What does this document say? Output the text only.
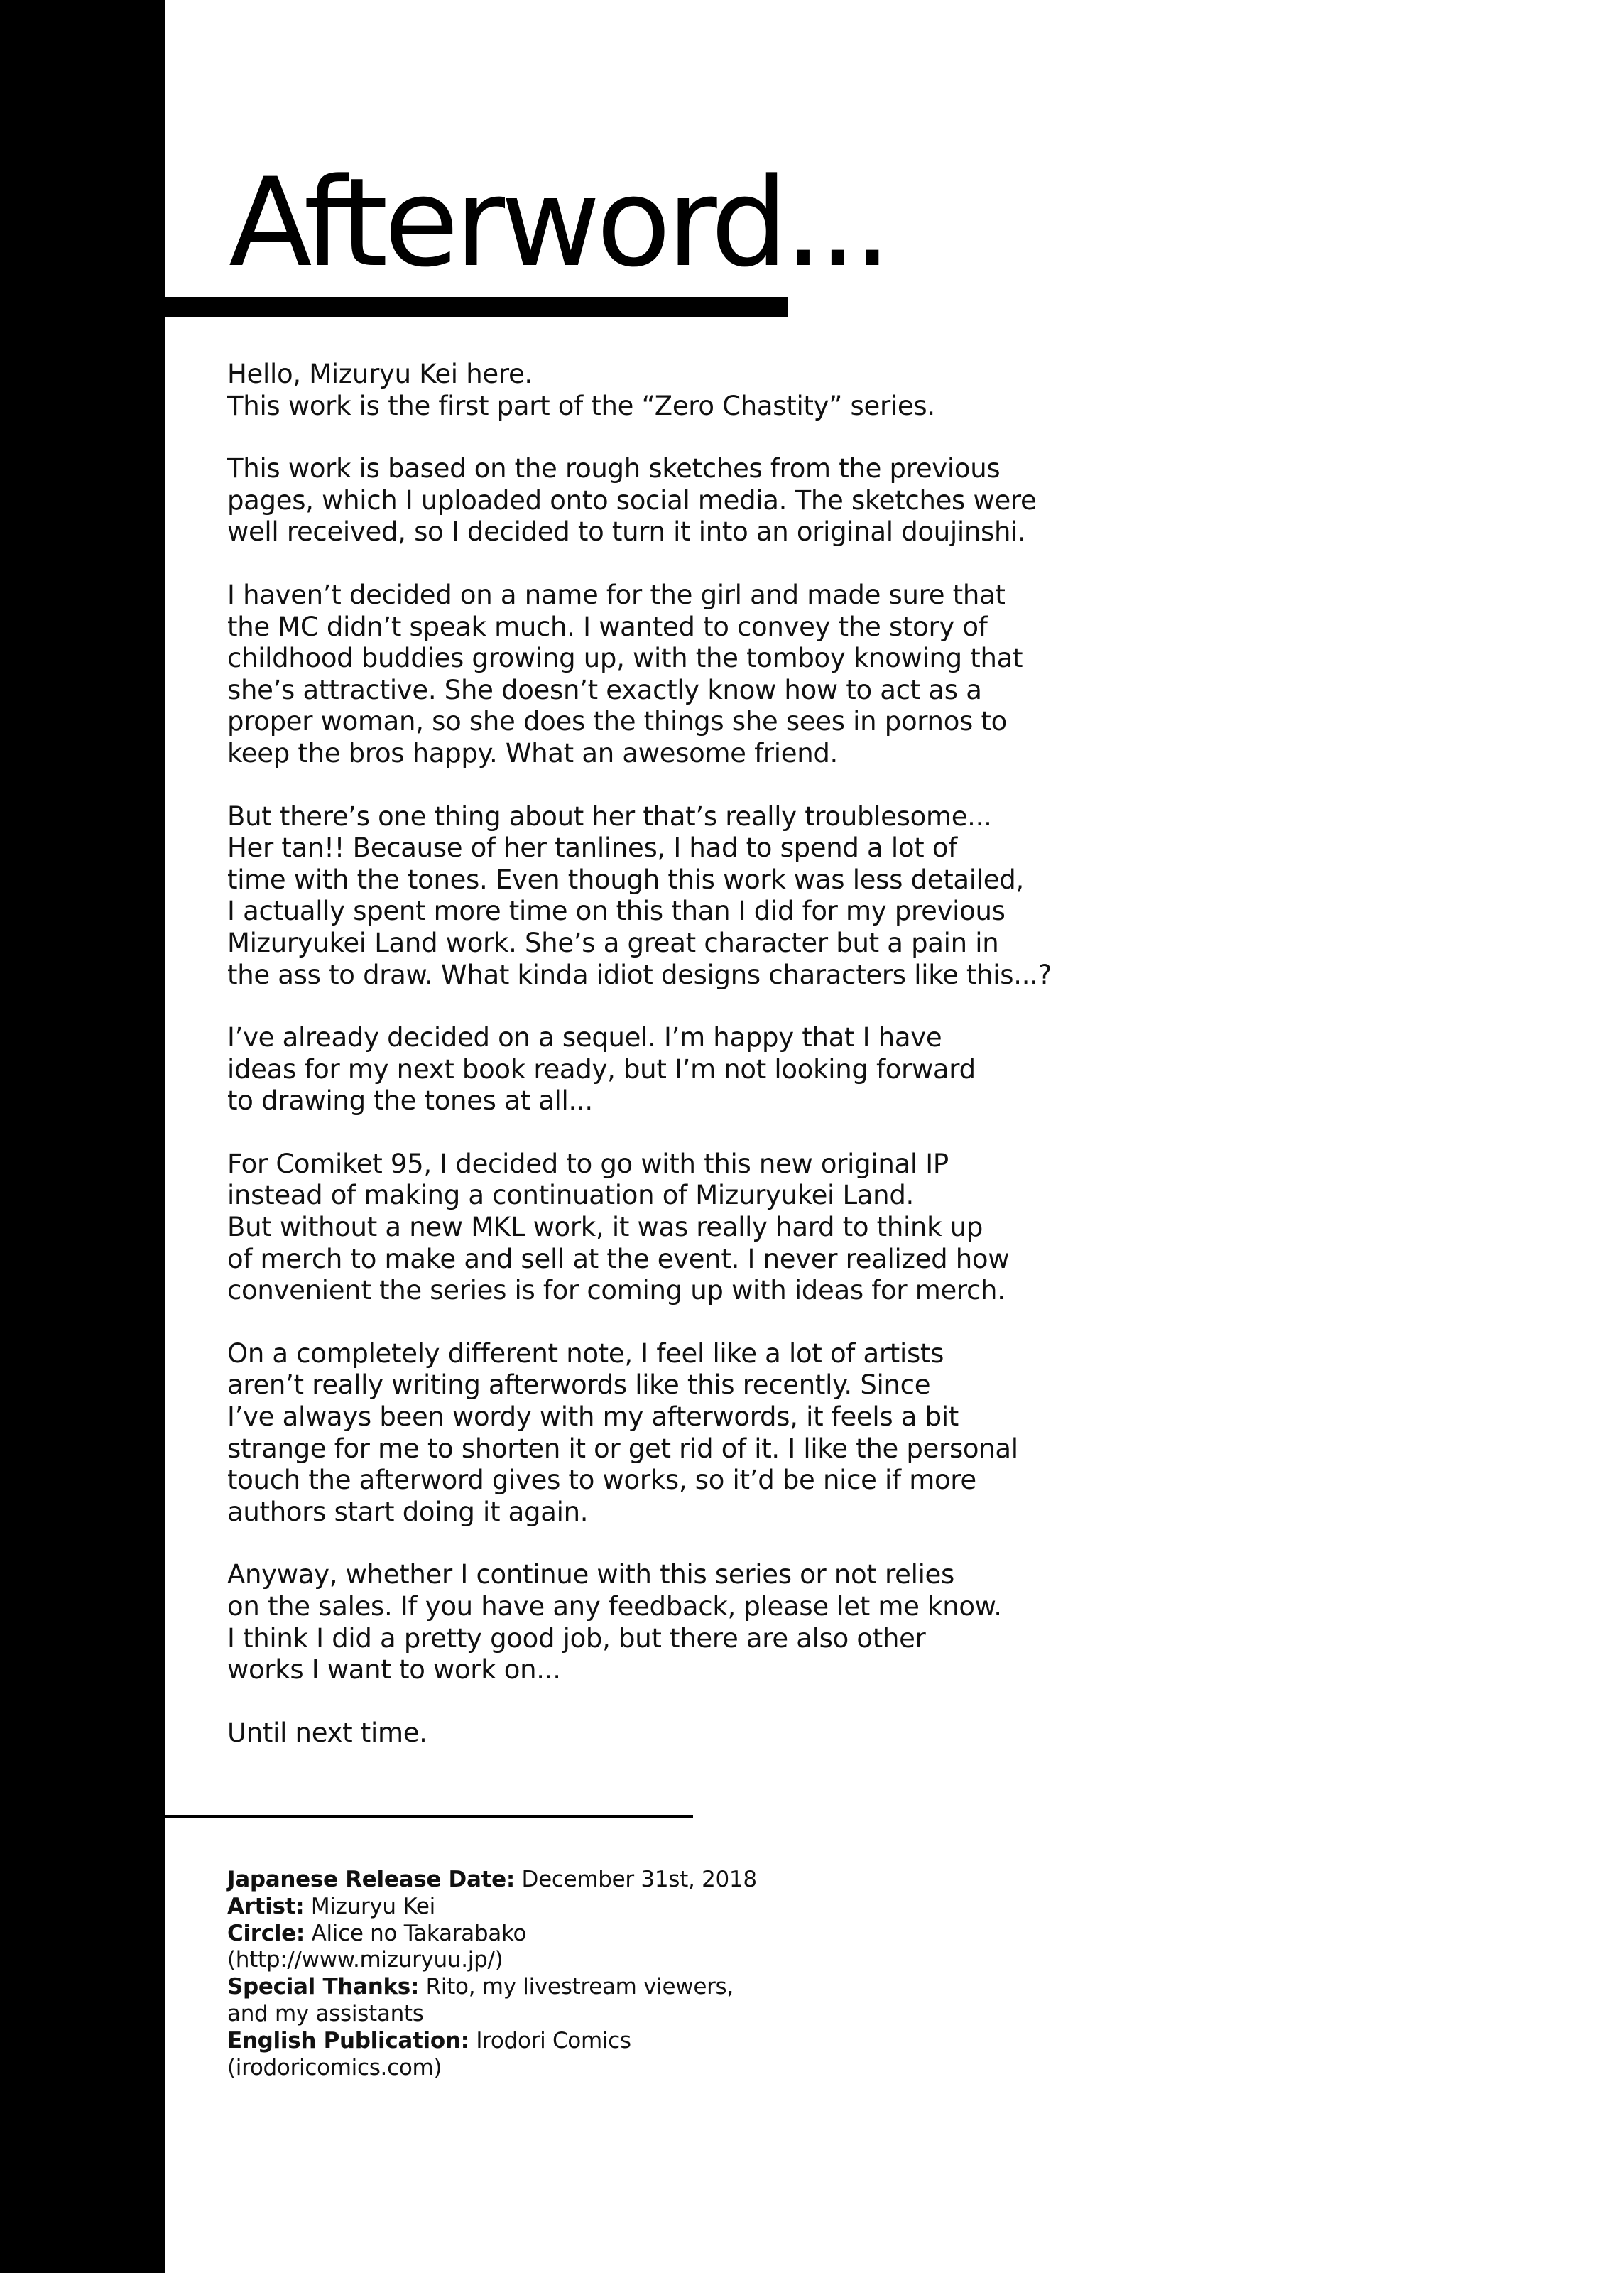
Afterword...

Hello, Mizuryu Kei here.
This work is the first part of the “Zero Chastity” series.

This work is based on the rough sketches from the previous
pages, which I uploaded onto social media. The sketches were
well received, so I decided to turn it into an original doujinshi.

I haven’t decided on a name for the girl and made sure that
the MC didn’t speak much. I wanted to convey the story of
childhood buddies growing up, with the tomboy knowing that
she’s attractive. She doesn’t exactly know how to act as a
proper woman, so she does the things she sees in pornos to
keep the bros happy. What an awesome friend.

But there’s one thing about her that’s really troublesome...
Her tan!! Because of her tanlines, I had to spend a lot of
time with the tones. Even though this work was less detailed,
I actually spent more time on this than I did for my previous
Mizuryukei Land work. She’s a great character but a pain in
the ass to draw. What kinda idiot designs characters like this...?

I’ve already decided on a sequel. I’m happy that I have
ideas for my next book ready, but I’m not looking forward
to drawing the tones at all...

For Comiket 95, I decided to go with this new original IP
instead of making a continuation of Mizuryukei Land.
But without a new MKL work, it was really hard to think up
of merch to make and sell at the event. I never realized how
convenient the series is for coming up with ideas for merch.

On a completely different note, I feel like a lot of artists
aren’t really writing afterwords like this recently. Since
I’ve always been wordy with my afterwords, it feels a bit
strange for me to shorten it or get rid of it. I like the personal
touch the afterword gives to works, so it’d be nice if more
authors start doing it again.

Anyway, whether I continue with this series or not relies
on the sales. If you have any feedback, please let me know.
I think I did a pretty good job, but there are also other
works I want to work on...

Until next time.

Japanese Release Date: December 31st, 2018
Artist: Mizuryu Kei
Circle: Alice no Takarabako
(http://www.mizuryuu.jp/)
Special Thanks: Rito, my livestream viewers,
and my assistants
English Publication: Irodori Comics
(irodoricomics.com)
